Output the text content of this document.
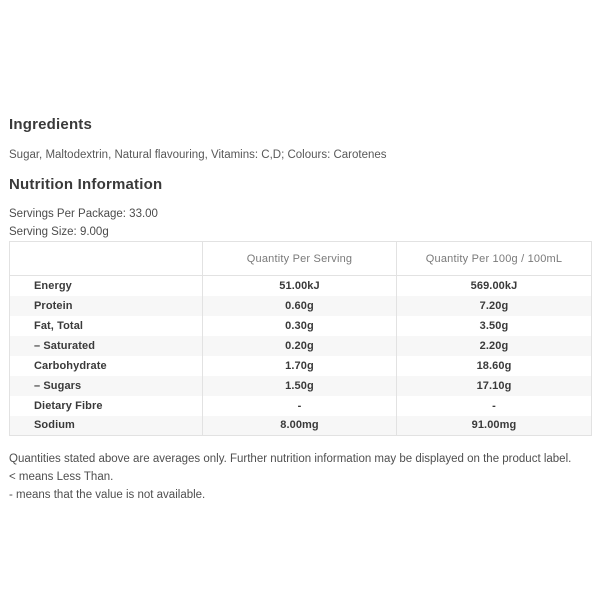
Ingredients

Sugar, Maltodextrin, Natural flavouring, Vitamins: C,D; Colours: Carotenes

Nutrition Information
Servings Per Package: 33.00
Serving Size: 9.00g
	Quantity Per Serving	Quantity Per 100g / 100mL
Energy	51.00kJ	569.00kJ
Protein	0.60g	7.20g
Fat, Total	0.30g	3.50g
– Saturated	0.20g	2.20g
Carbohydrate	1.70g	18.60g
– Sugars	1.50g	17.10g
Dietary Fibre	-	-
Sodium	8.00mg	91.00mg
Quantities stated above are averages only. Further nutrition information may be displayed on the product label.
< means Less Than.
- means that the value is not available.
